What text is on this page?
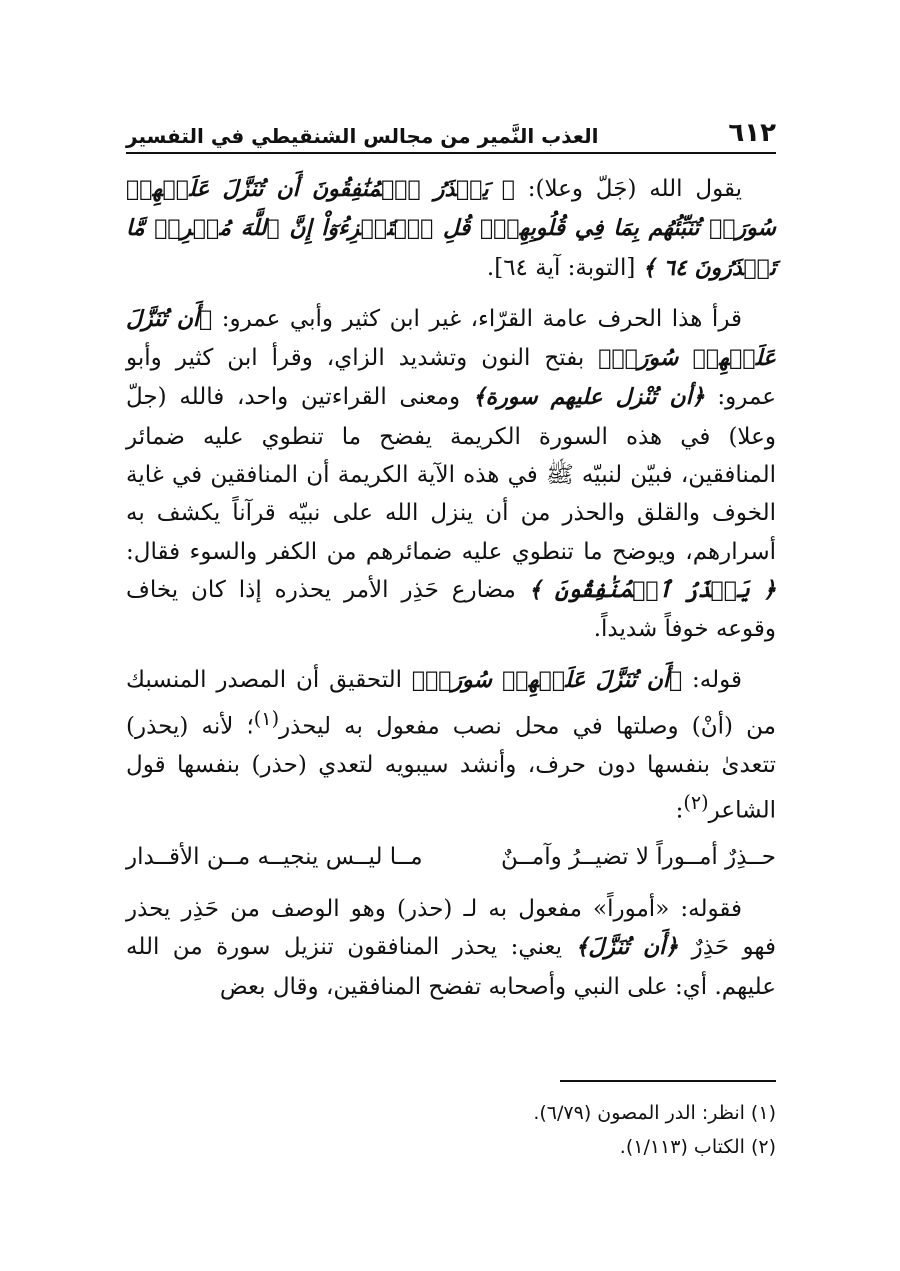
٦١٢
العذب النَّمير من مجالس الشنقيطي في التفسير

يقول الله (جَلّ وعلا): ﴿ يَحۡذَرُ ٱلۡمُنَٰفِقُونَ أَن تُنَزَّلَ عَلَيۡهِمۡ سُورَةٞ تُنَبِّئُهُم بِمَا فِي قُلُوبِهِمۡۚ قُلِ ٱسۡتَهۡزِءُوٓاْ إِنَّ ٱللَّهَ مُخۡرِجٞ مَّا تَحۡذَرُونَ ٦٤ ﴾ [التوبة: آية ٦٤].

قرأ هذا الحرف عامة القرّاء، غير ابن كثير وأبي عمرو: ﴿أَن تُنَزَّلَ عَلَيۡهِمۡ سُورَةٞ﴾ بفتح النون وتشديد الزاي، وقرأ ابن كثير وأبو عمرو: ﴿أن تُنْزل عليهم سورة﴾ ومعنى القراءتين واحد، فالله (جلّ وعلا) في هذه السورة الكريمة يفضح ما تنطوي عليه ضمائر المنافقين، فبيّن لنبيّه ﷺ في هذه الآية الكريمة أن المنافقين في غاية الخوف والقلق والحذر من أن ينزل الله على نبيّه قرآناً يكشف به أسرارهم، ويوضح ما تنطوي عليه ضمائرهم من الكفر والسوء فقال: ﴿ يَحۡذَرُ ٱلۡمُنَٰفِقُونَ ﴾ مضارع حَذِر الأمر يحذره إذا كان يخاف وقوعه خوفاً شديداً.

قوله: ﴿أَن تُنَزَّلَ عَلَيۡهِمۡ سُورَةٞ﴾ التحقيق أن المصدر المنسبك من (أنْ) وصلتها في محل نصب مفعول به ليحذر$^{(١)}$؛ لأنه (يحذر) تتعدىٰ بنفسها دون حرف، وأنشد سيبويه لتعدي (حذر) بنفسها قول الشاعر$^{(٢)}$:

حــذِرٌ أمــوراً لا تضيــرُ وآمــنٌ
مــا ليــس ينجيــه مــن الأقــدار

فقوله: «أموراً» مفعول به لـ (حذر) وهو الوصف من حَذِر يحذر فهو حَذِرٌ ﴿أَن تُنَزَّلَ﴾ يعني: يحذر المنافقون تنزيل سورة من الله عليهم. أي: على النبي وأصحابه تفضح المنافقين، وقال بعض

(١) انظر: الدر المصون (٦/٧٩).
(٢) الكتاب (١/١١٣).
